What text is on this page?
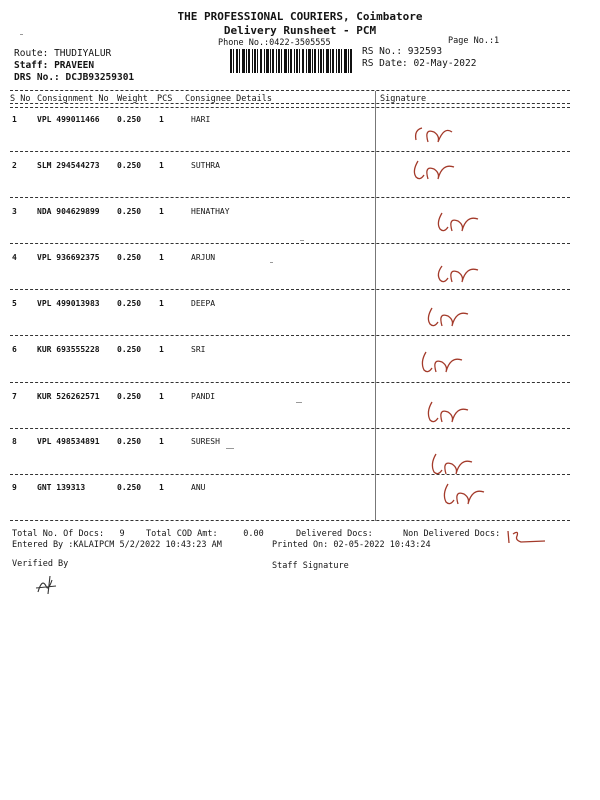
THE PROFESSIONAL COURIERS, Coimbatore
Delivery Runsheet - PCM
Phone No.:0422-3505555	Page No.:1
Route: THUDIYALUR
Staff: PRAVEEN
DRS No.: DCJB93259301
RS No.: 932593
RS Date: 02-May-2022
S No Consignment No Weight PCS Consignee Details	Signature
1	VPL 499011466 0.250 1	HARI
2	SLM 294544273 0.250 1	SUTHRA
3	NDA 904629899 0.250 1	HENATHAY
4	VPL 936692375 0.250 1	ARJUN
5	VPL 499013983 0.250 1	DEEPA
6	KUR 693555228 0.250 1	SRI
7	KUR 526262571 0.250 1	PANDI
8	VPL 498534891 0.250 1	SURESH
9	GNT 139313	0.250 1	ANU
Total No. Of Docs: 9	Total COD Amt:	0.00	Delivered Docs:	Non Delivered Docs:
Entered By :KALAIPCM 5/2/2022 10:43:23 AM	Printed On: 02-05-2022 10:43:24
Verified By	Staff Signature
